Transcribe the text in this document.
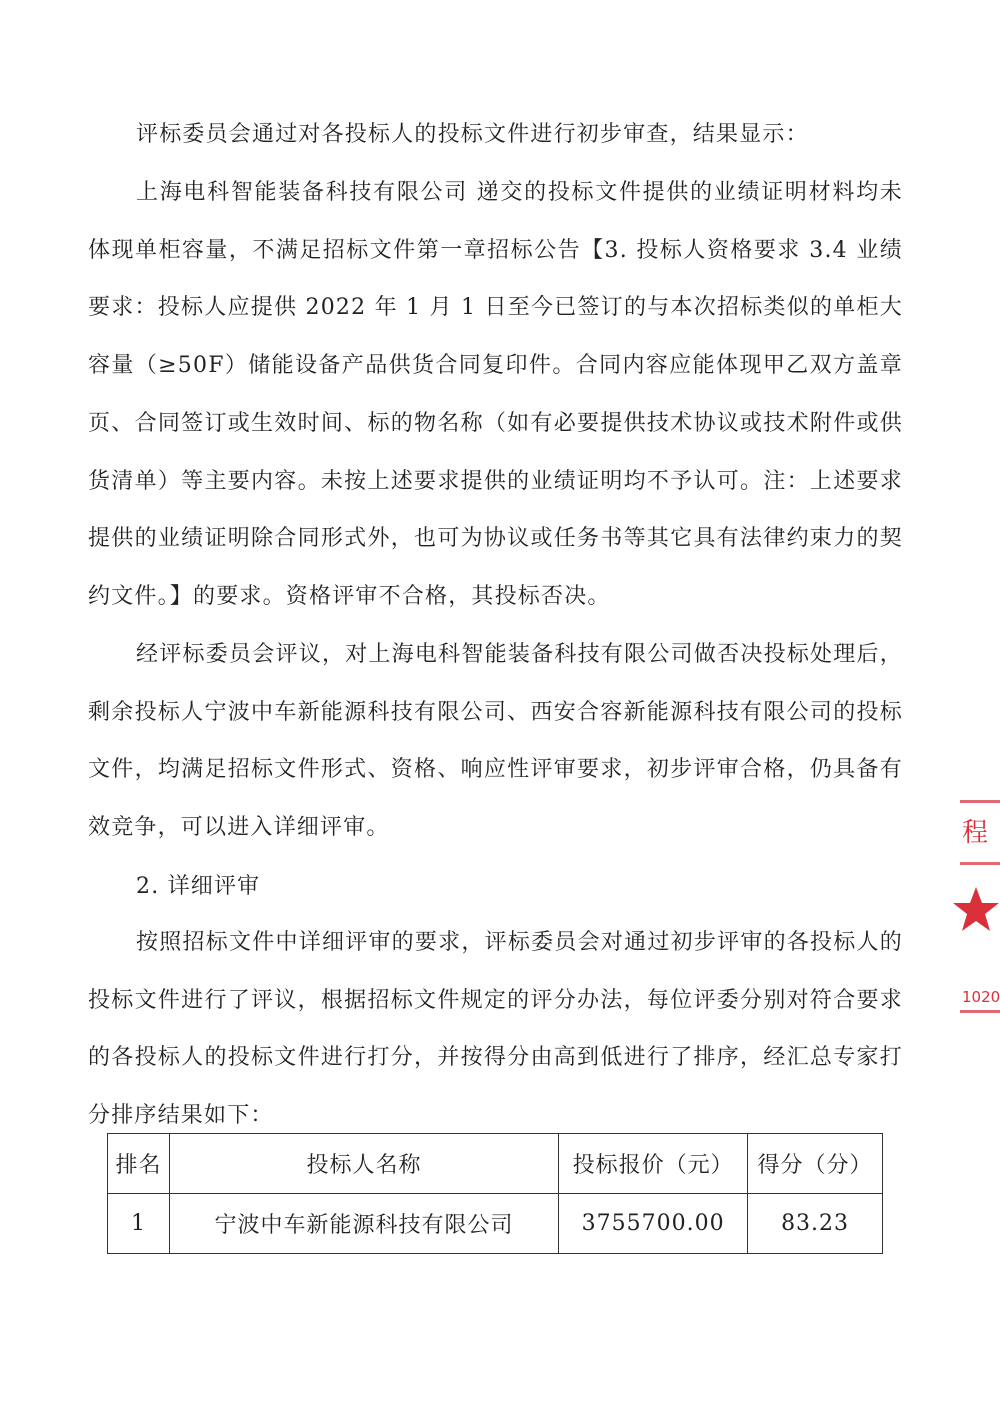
评标委员会通过对各投标人的投标文件进行初步审查，结果显示：

上海电科智能装备科技有限公司 递交的投标文件提供的业绩证明材料均未体现单柜容量，不满足招标文件第一章招标公告【3. 投标人资格要求 3.4 业绩要求：投标人应提供 2022 年 1 月 1 日至今已签订的与本次招标类似的单柜大容量（≥50F）储能设备产品供货合同复印件。合同内容应能体现甲乙双方盖章页、合同签订或生效时间、标的物名称（如有必要提供技术协议或技术附件或供货清单）等主要内容。未按上述要求提供的业绩证明均不予认可。注：上述要求提供的业绩证明除合同形式外，也可为协议或任务书等其它具有法律约束力的契约文件。】的要求。资格评审不合格，其投标否决。

经评标委员会评议，对上海电科智能装备科技有限公司做否决投标处理后，剩余投标人宁波中车新能源科技有限公司、西安合容新能源科技有限公司的投标文件，均满足招标文件形式、资格、响应性评审要求，初步评审合格，仍具备有效竞争，可以进入详细评审。

2. 详细评审

按照招标文件中详细评审的要求，评标委员会对通过初步评审的各投标人的投标文件进行了评议，根据招标文件规定的评分办法，每位评委分别对符合要求的各投标人的投标文件进行打分，并按得分由高到低进行了排序，经汇总专家打分排序结果如下：

排名	投标人名称	投标报价（元）	得分（分）
1	宁波中车新能源科技有限公司	3755700.00	83.23
程
1020
